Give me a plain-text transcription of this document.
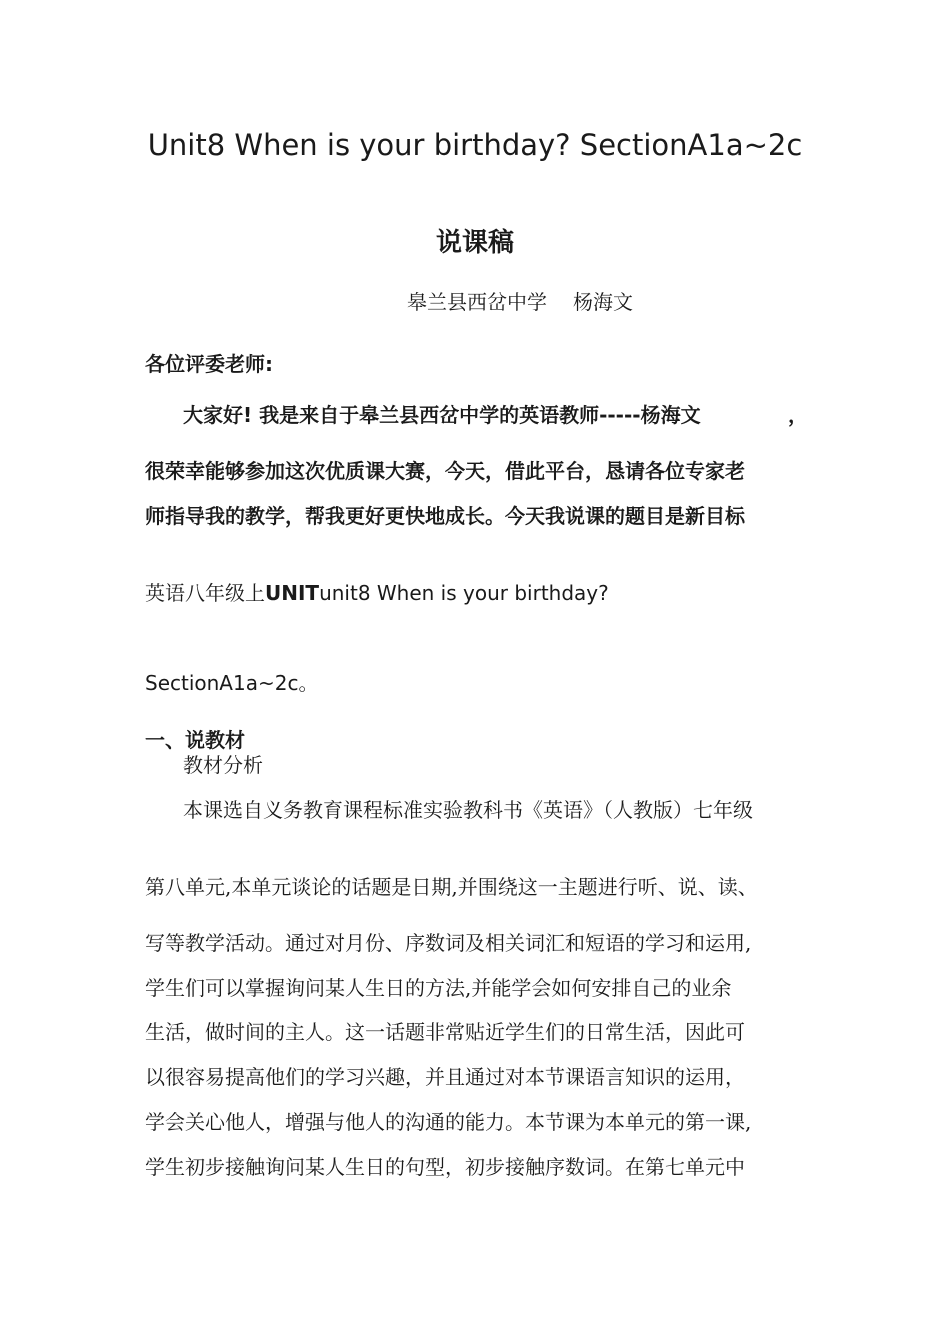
Unit8 When is your birthday? SectionA1a~2c
说课稿
皋兰县西岔中学 杨海文
各位评委老师:
大家好! 我是来自于皋兰县西岔中学的英语教师-----杨海文	，
很荣幸能够参加这次优质课大赛，今天，借此平台，恳请各位专家老
师指导我的教学，帮我更好更快地成长。今天我说课的题目是新目标
英语八年级上UNITunit8 When is your birthday?
SectionA1a~2c。
一、说教材
教材分析
本课选自义务教育课程标准实验教科书《英语》（人教版）七年级
第八单元,本单元谈论的话题是日期,并围绕这一主题进行听、说、读、
写等教学活动。通过对月份、序数词及相关词汇和短语的学习和运用,
学生们可以掌握询问某人生日的方法,并能学会如何安排自己的业余
生活，做时间的主人。这一话题非常贴近学生们的日常生活，因此可
以很容易提高他们的学习兴趣，并且通过对本节课语言知识的运用，
学会关心他人，增强与他人的沟通的能力。本节课为本单元的第一课,
学生初步接触询问某人生日的句型，初步接触序数词。在第七单元中
